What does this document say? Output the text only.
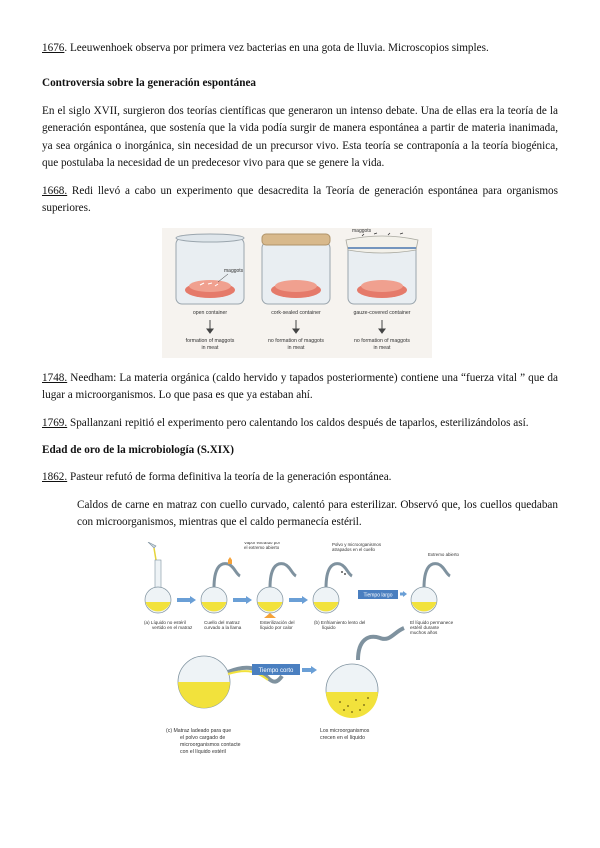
1676. Leeuwenhoek observa por primera vez bacterias en una gota de lluvia. Microscopios simples.

Controversia sobre la generación espontánea

En el siglo XVII, surgieron dos teorías científicas que generaron un intenso debate. Una de ellas era la teoría de la generación espontánea, que sostenía que la vida podía surgir de manera espontánea a partir de materia inanimada, ya sea orgánica o inorgánica, sin necesidad de un precursor vivo. Esta teoría se contraponía a la teoría biogénica, que postulaba la necesidad de un predecesor vivo para que se genere la vida.

1668. Redi llevó a cabo un experimento que desacredita la Teoría de generación espontánea para organismos superiores.

maggots
maggots
open container	cork-sealed container	gauze-covered container
formation of maggots
in meat
no formation of maggots
in meat
no formation of maggots
in meat

1748. Needham: La materia orgánica (caldo hervido y tapados posteriormente) contiene una “fuerza vital ” que da lugar a microorganismos. Lo que pasa es que ya estaban ahí.

1769. Spallanzani repitió el experimento pero calentando los caldos después de taparlos, esterilizándolos así.

Edad de oro de la microbiología (S.XIX)

1862. Pasteur refutó de forma definitiva la teoría de la generación espontánea.

Caldos de carne en matraz con cuello curvado, calentó para esterilizar. Observó que, los cuellos quedaban con microorganismos, mientras que el caldo permanecía estéril.

(a) Líquido no estéril
vertido en el matraz
Cuello del matraz
curvado a la llama
Vapor extraído por
el extremo abierto
Esterilización del
líquido por calor
Polvo y microorganismos
atrapados en el cuello
(b) Enfriamiento lento del
líquido
Tiempo largo
Extremo abierto
El líquido permanece
estéril durante
muchos años
Tiempo corto
(c) Matraz ladeado para que
el polvo cargado de
microorganismos contacte
con el líquido estéril
Los microorganismos
crecen en el líquido
